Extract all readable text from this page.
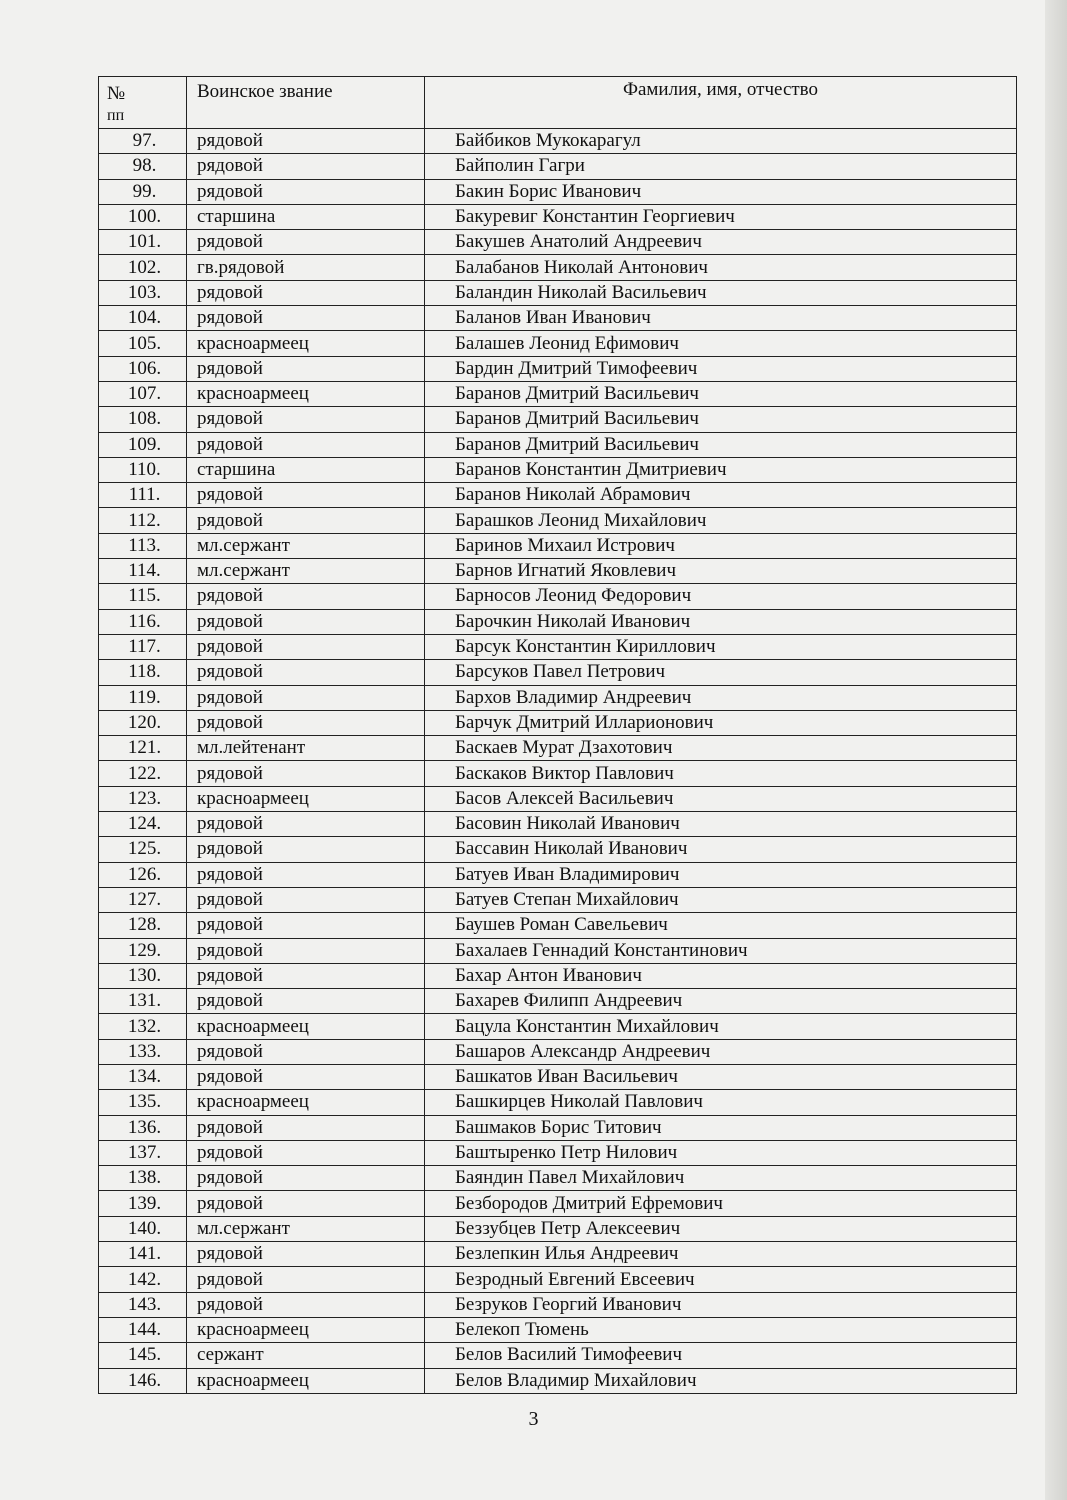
№
пп	Воинское звание	Фамилия, имя, отчество
97.	рядовой	Байбиков Мукокарагул
98.	рядовой	Байполин Гагри
99.	рядовой	Бакин Борис Иванович
100.	старшина	Бакуревиг Константин Георгиевич
101.	рядовой	Бакушев Анатолий Андреевич
102.	гв.рядовой	Балабанов Николай Антонович
103.	рядовой	Баландин Николай Васильевич
104.	рядовой	Баланов Иван Иванович
105.	красноармеец	Балашев Леонид Ефимович
106.	рядовой	Бардин Дмитрий Тимофеевич
107.	красноармеец	Баранов Дмитрий Васильевич
108.	рядовой	Баранов Дмитрий Васильевич
109.	рядовой	Баранов Дмитрий Васильевич
110.	старшина	Баранов Константин Дмитриевич
111.	рядовой	Баранов Николай Абрамович
112.	рядовой	Барашков Леонид Михайлович
113.	мл.сержант	Баринов Михаил Истрович
114.	мл.сержант	Барнов Игнатий Яковлевич
115.	рядовой	Барносов Леонид Федорович
116.	рядовой	Барочкин Николай Иванович
117.	рядовой	Барсук Константин Кириллович
118.	рядовой	Барсуков Павел Петрович
119.	рядовой	Бархов Владимир Андреевич
120.	рядовой	Барчук Дмитрий Илларионович
121.	мл.лейтенант	Баскаев Мурат Дзахотович
122.	рядовой	Баскаков Виктор Павлович
123.	красноармеец	Басов Алексей Васильевич
124.	рядовой	Басовин Николай Иванович
125.	рядовой	Бассавин Николай Иванович
126.	рядовой	Батуев Иван Владимирович
127.	рядовой	Батуев Степан Михайлович
128.	рядовой	Баушев Роман Савельевич
129.	рядовой	Бахалаев Геннадий Константинович
130.	рядовой	Бахар Антон Иванович
131.	рядовой	Бахарев Филипп Андреевич
132.	красноармеец	Бацула Константин Михайлович
133.	рядовой	Башаров Александр Андреевич
134.	рядовой	Башкатов Иван Васильевич
135.	красноармеец	Башкирцев Николай Павлович
136.	рядовой	Башмаков Борис Титович
137.	рядовой	Баштыренко Петр Нилович
138.	рядовой	Баяндин Павел Михайлович
139.	рядовой	Безбородов Дмитрий Ефремович
140.	мл.сержант	Беззубцев Петр Алексеевич
141.	рядовой	Безлепкин Илья Андреевич
142.	рядовой	Безродный Евгений Евсеевич
143.	рядовой	Безруков Георгий Иванович
144.	красноармеец	Белекоп Тюмень
145.	сержант	Белов Василий Тимофеевич
146.	красноармеец	Белов Владимир Михайлович
3
